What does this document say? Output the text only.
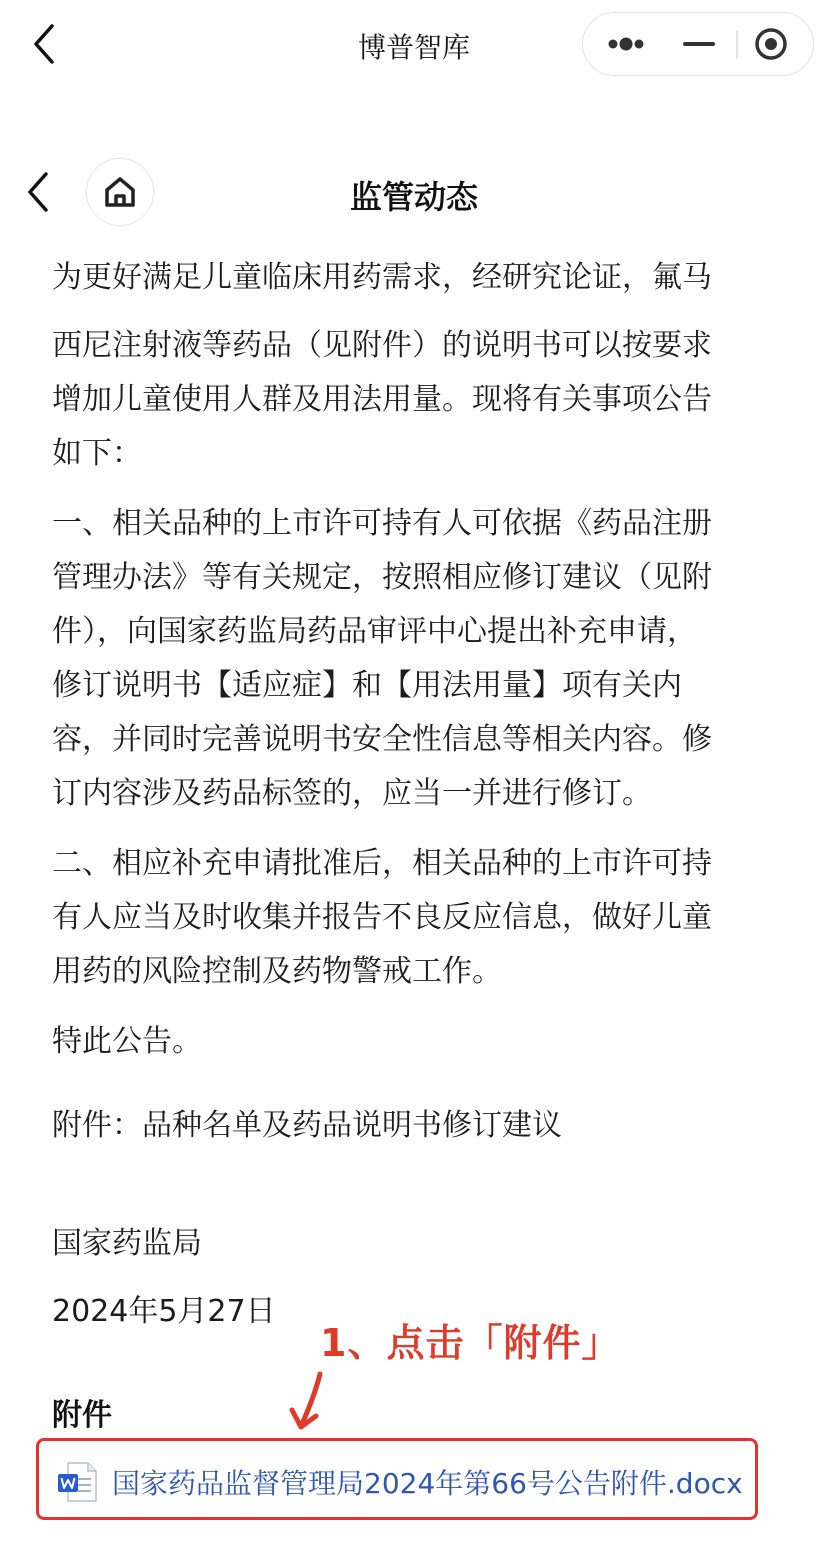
博普智库
监管动态
为更好满足儿童临床用药需求，经研究论证，氟马
西尼注射液等药品（见附件）的说明书可以按要求
增加儿童使用人群及用法用量。现将有关事项公告
如下：
一、相关品种的上市许可持有人可依据《药品注册
管理办法》等有关规定，按照相应修订建议（见附
件），向国家药监局药品审评中心提出补充申请，
修订说明书【适应症】和【用法用量】项有关内
容，并同时完善说明书安全性信息等相关内容。修
订内容涉及药品标签的，应当一并进行修订。
二、相应补充申请批准后，相关品种的上市许可持
有人应当及时收集并报告不良反应信息，做好儿童
用药的风险控制及药物警戒工作。
特此公告。
附件：品种名单及药品说明书修订建议
国家药监局
2024年5月27日
1、点击「附件」
附件
国家药品监督管理局2024年第66号公告附件.docx
